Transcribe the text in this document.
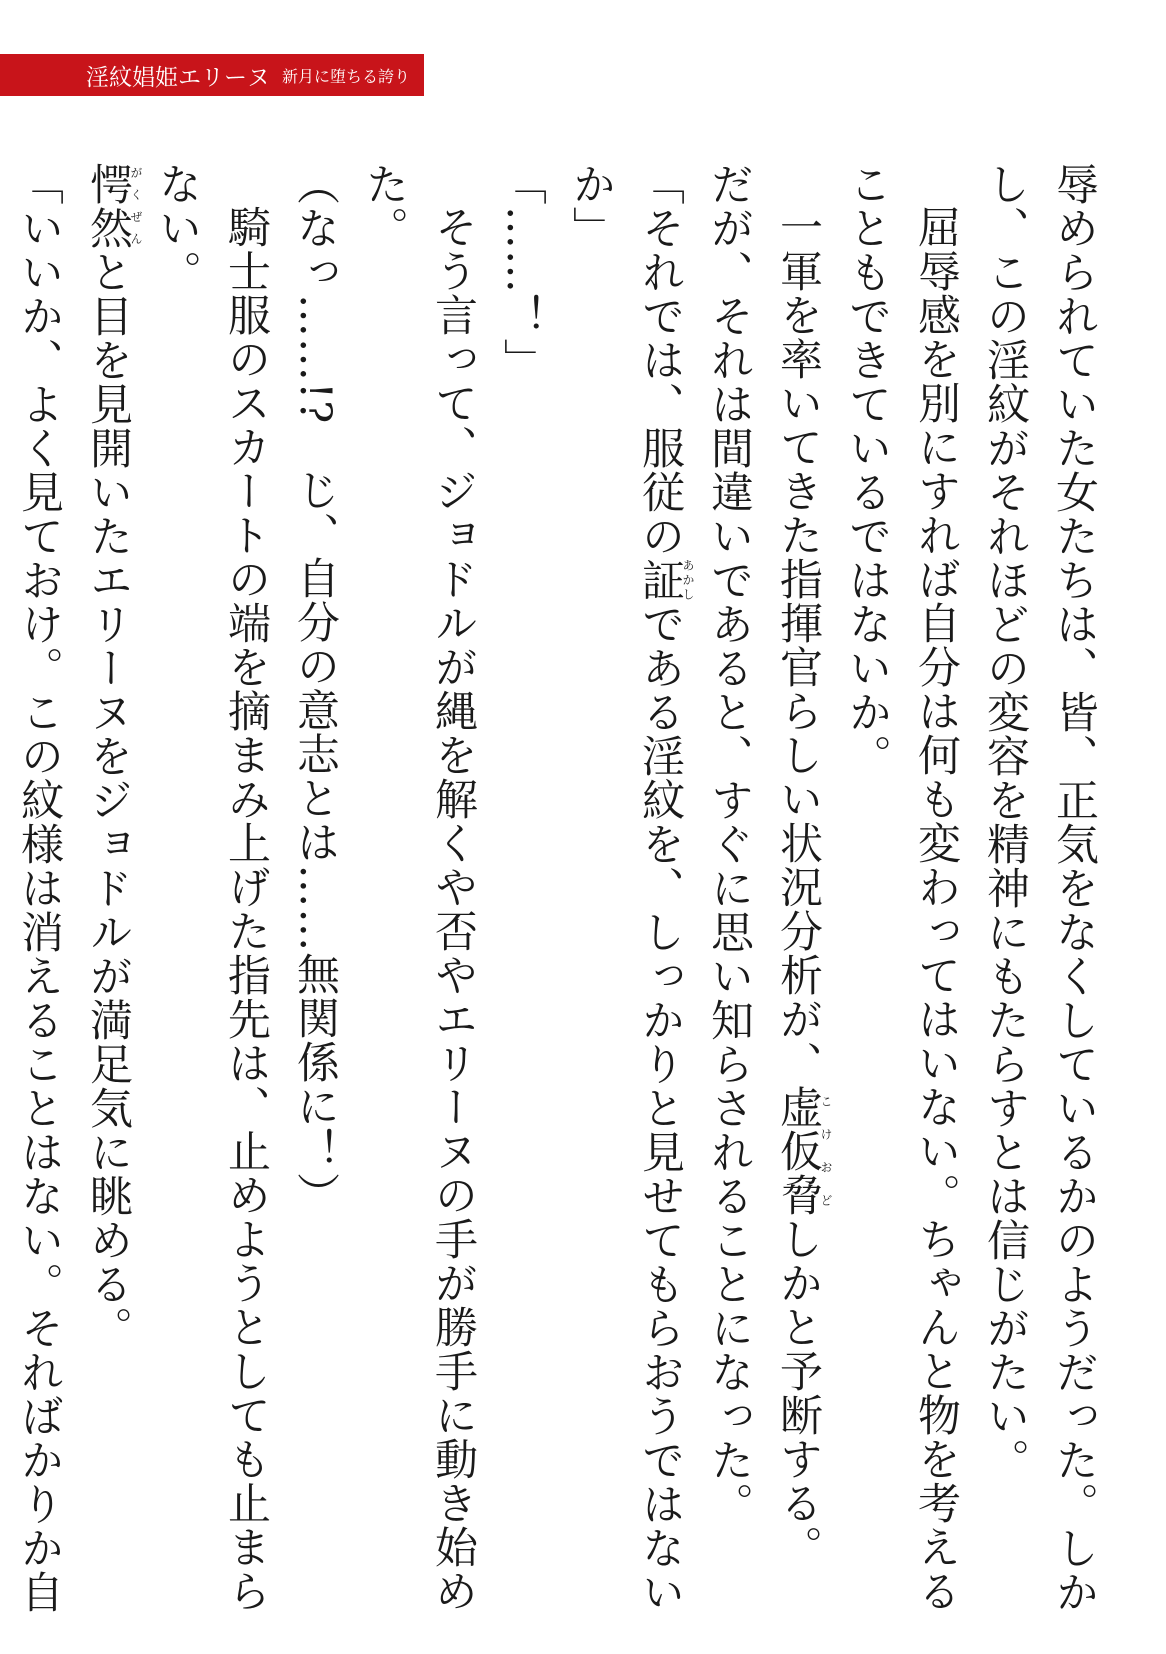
淫紋娼姫エリーヌ 新月に堕ちる誇り

辱められていた女たちは、皆、正気をなくしているかのようだった。しかし、この淫紋がそれほどの変容を精神にもたらすとは信じがたい。

屈辱感を別にすれば自分は何も変わってはいない。ちゃんと物を考えることもできているではないか。

一軍を率いてきた指揮官らしい状況分析が、虚仮脅こけおどしかと予断する。

だが、それは間違いであると、すぐに思い知らされることになった。

「それでは、服従の証あかしである淫紋を、しっかりと見せてもらおうではないか」

「……！」

そう言って、ジョドルが縄を解くや否やエリーヌの手が勝手に動き始めた。

（なっ……!?　じ、自分の意志とは……無関係に！）

騎士服のスカートの端を摘まみ上げた指先は、止めようとしても止まらない。

愕然がくぜんと目を見開いたエリーヌをジョドルが満足気に眺める。

「いいか、よく見ておけ。この紋様は消えることはない。そればかりか自
